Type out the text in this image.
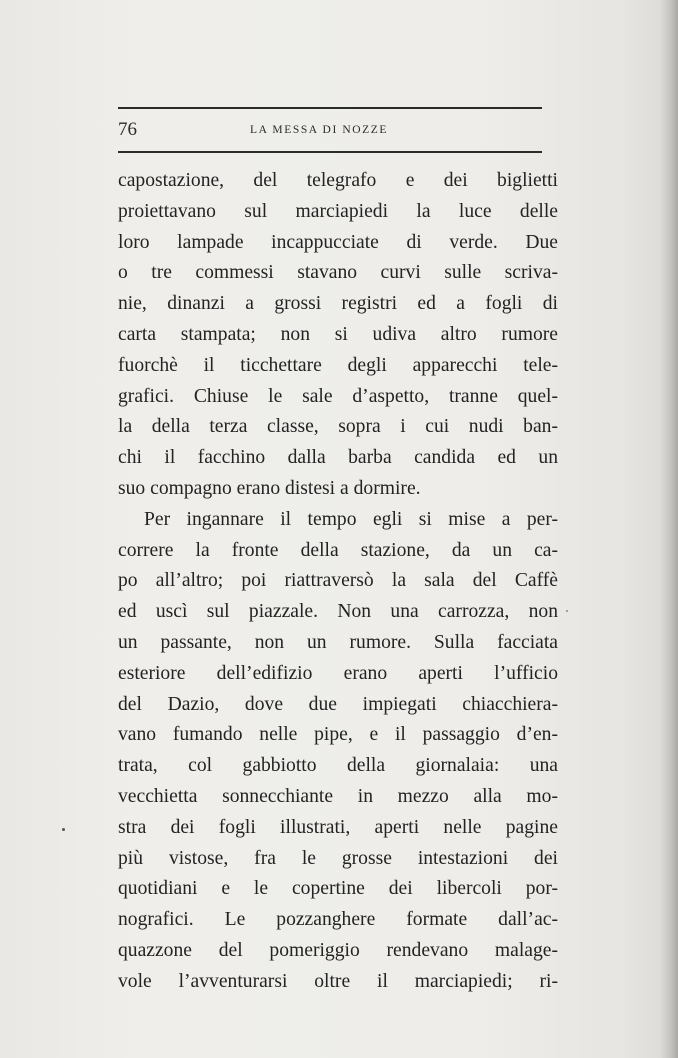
76	LA MESSA DI NOZZE
capostazione, del telegrafo e dei biglietti
proiettavano sul marciapiedi la luce delle
loro lampade incappucciate di verde. Due
o tre commessi stavano curvi sulle scriva-
nie, dinanzi a grossi registri ed a fogli di
carta stampata; non si udiva altro rumore
fuorchè il ticchettare degli apparecchi tele-
grafici. Chiuse le sale d’aspetto, tranne quel-
la della terza classe, sopra i cui nudi ban-
chi il facchino dalla barba candida ed un
suo compagno erano distesi a dormire.
Per ingannare il tempo egli si mise a per-
correre la fronte della stazione, da un ca-
po all’altro; poi riattraversò la sala del Caffè
ed uscì sul piazzale. Non una carrozza, non
un passante, non un rumore. Sulla facciata
esteriore dell’edifizio erano aperti l’ufficio
del Dazio, dove due impiegati chiacchiera-
vano fumando nelle pipe, e il passaggio d’en-
trata, col gabbiotto della giornalaia: una
vecchietta sonnecchiante in mezzo alla mo-
stra dei fogli illustrati, aperti nelle pagine
più vistose, fra le grosse intestazioni dei
quotidiani e le copertine dei libercoli por-
nografici. Le pozzanghere formate dall’ac-
quazzone del pomeriggio rendevano malage-
vole l’avventurarsi oltre il marciapiedi; ri-
